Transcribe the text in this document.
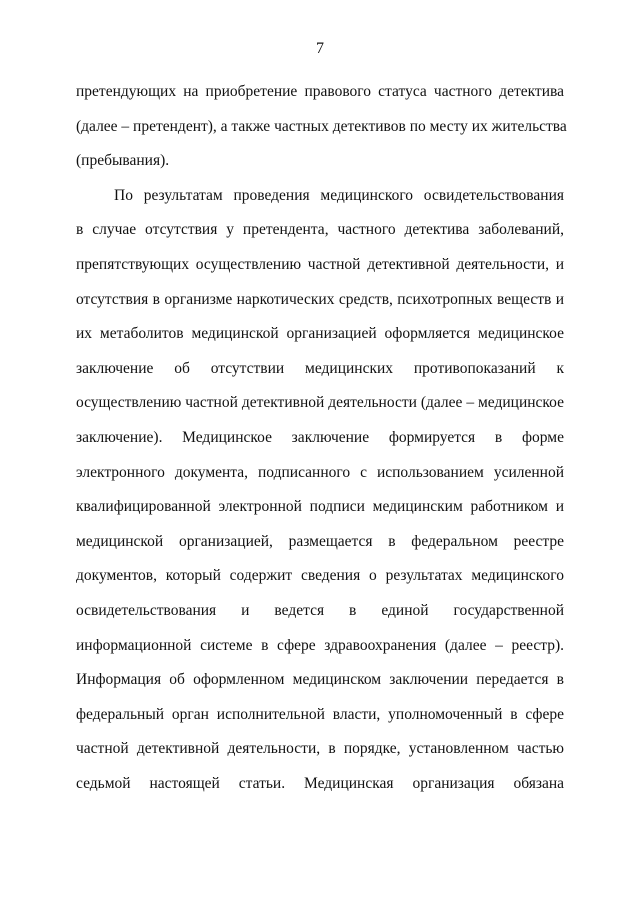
7
претендующих на приобретение правового статуса частного детектива
(далее – претендент), а также частных детективов по месту их жительства
(пребывания).
По результатам проведения медицинского освидетельствования
в случае отсутствия у претендента, частного детектива заболеваний,
препятствующих осуществлению частной детективной деятельности, и
отсутствия в организме наркотических средств, психотропных веществ и
их метаболитов медицинской организацией оформляется медицинское
заключение об отсутствии медицинских противопоказаний к
осуществлению частной детективной деятельности (далее – медицинское
заключение). Медицинское заключение формируется в форме
электронного документа, подписанного с использованием усиленной
квалифицированной электронной подписи медицинским работником и
медицинской организацией, размещается в федеральном реестре
документов, который содержит сведения о результатах медицинского
освидетельствования и ведется в единой государственной
информационной системе в сфере здравоохранения (далее – реестр).
Информация об оформленном медицинском заключении передается в
федеральный орган исполнительной власти, уполномоченный в сфере
частной детективной деятельности, в порядке, установленном частью
седьмой настоящей статьи. Медицинская организация обязана
